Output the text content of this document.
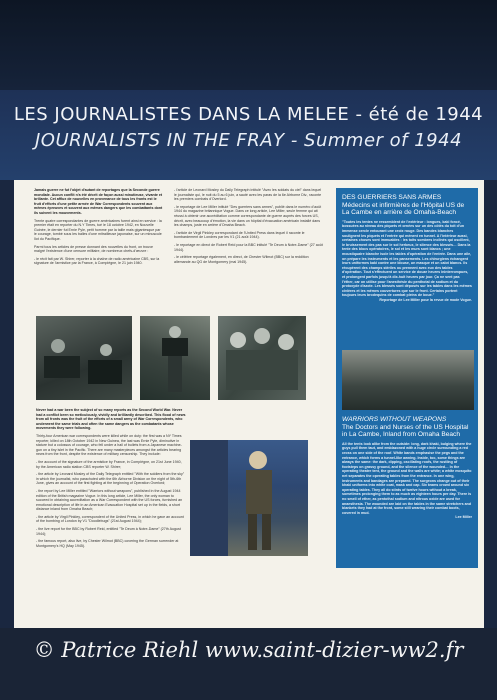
LES JOURNALISTES DANS LA MELEE - été de 1944
JOURNALISTS IN THE FRAY - Summer of 1944

Jamais guerre ne fut l'objet d'autant de reportages que la Seconde guerre mondiale. Aucun conflit n'a été décrit de façon aussi minutieuse, vivante et brillante. Cet afflux de nouvelles en provenance de tous les fronts est le fruit d'efforts d'une petite armée de War Correspondents souvent aux mêmes épreuves et souvent aux mêmes dangers que les combattants dont ils suivent les mouvements.

Trente quatre correspondantes de guerre américaines furent ainsi en service : la premier était en reporter du N.Y Times, tué le 18 octobre 1942, en Nouvelle Guinée, le dernier fut Ernie Pyle, petit homme par la taille mais gigantesque par le courage, tombé sous les balles d'une mitrailleuse japonaise, sur un minuscule îlot du Pacifique.

Parmi tous les articles de presse donnant des nouvelles du front, on trouve malgré l'existence d'une censure militaire, de nombreux chefs-d'œuvre :

- le récit fait par W. Shirer, reporter à la chaîne de radio américaine CBS, sur la signature de l'armistice par la France, à Compiègne, le 21 juin 1940.

- l'article de Leonard Mosley du Daily Telegraph intitulé "Avec les soldats du ciel" dans lequel le journaliste qui, le nuit du 5 au 6 juin, a sauté avec les paras de la 6e Airborne Div., raconte les premiers combats d'Overlord.

- le reportage de Lee Miller intitulé "Des guerriers sans armes", publié dans le numéro d'août 1944 du magazine britannique Vogue. Dans ce long article, Lee Miller, seule femme qui ait réussi à obtenir une accréditation comme correspondante de guerre auprès des forces US, décrit, avec beaucoup d'émotion, la vie dans un hôpital d'évacuation américain installé dans les champs, juste en arrière d'Omaha Beach.

- l'article de Virgil Pinkley correspondant de l'United Press dans lequel il raconte le bombardement de Londres par les V1 (21 août 1944).

- le reportage en direct de Robert Reid pour la BBC intitulé "Te Deum à Notre-Dame" (27 août 1944).

- le célèbre reportage également, en direct, de Chester Wilmot (BBC) sur la reddition allemande au QG de Montgomery (mai 1945).

Never had a war been the subject of so many reports as the Second World War. Never had a conflict been so meticulously, vividly and brilliantly described. This flood of news from all fronts was the fruit of the efforts of a small army of War Correspondents, who underwent the same trials and often the same dangers as the combatants whose movements they were following.

Thirty-four American war correspondents were killed while on duty: the first was a NY Times reporter, killed on 18th October 1942 in New Guinea, the last was Ernie Pyle, diminutive in stature but a colossus of courage, who fell under a hail of bullets from a Japanese machine-gun on a tiny islet in the Pacific. There are many masterpieces amongst the articles bearing news from the front, despite the existence of military censorship. They include:

- the account of the signature of the armistice by France, in Compiègne, on 21st June 1940, by the American radio station CBS reporter W. Shirer;

- the article by Leonard Mosley of the Daily Telegraph entitled "With the soldiers from the sky" in which the journalist, who parachuted with the 6th Airborne Division on the night of 5th-6th June, gives an account of the first fighting at the beginning of Operation Overlord;

- the report by Lee Miller entitled "Warriors without weapons", published in the August 1944 edition of the British magazine Vogue. In this long article, Lee Miller, the only woman to succeed in obtaining accreditation as a War Correspondent with the US forces, furnished an emotional description of life in an American Evacuation Hospital set up in the fields, a short distance inland from Omaha Beach;

- the article by Virgil Pinkley, correspondent of the United Press, in which he gave an account of the bombing of London by V1 "Doodlebugs" (21st August 1944);

- the live report for the BBC by Robert Reid, entitled "Te Deum à Notre-Dame" (27th August 1944);

- the famous report, also live, by Chester Wilmot (BBC) covering the German surrender at Montgomery's HQ (May 1945).

DES GUERRIERS SANS ARMES
Médecins et infirmières de l'Hôpital US de La Cambe en arrière de Omaha-Beach
"Toutes les tentes ne ressemblent de l'extérieur : longues, kaki foncé, bossuées au niveau des piquets et ornées sur un des côtés du toit d'un immense cercle entourant une croix rouge. Des bandes blanches soulignent les piquets et l'entrée qui mènent en tunnel. A l'intérieur aussi, certaines choses sont immuables : les toits sombres inclinés qui oscillent, le bruissement des pas sur le sol herbeux, le silence des blessés… Dans la tente des blocs opératoires, le sol et les murs sont blancs ; une moustiquaire blanche isole les tables d'opération de l'entrée. Dans une aile, on prépare les instruments et les pansements. Les chirurgiens échangent leurs uniformes kaki contre une blouse, un masque et un calot blancs. Ils récupèrent des champs stériles ou prennent avec eux des tables d'opération. Tout s'effectuent un service de douze heures ininterrompues, et prolongent parfois jusqu'à dix-huit heures par jour. Ça ne sent pas l'éther, car on utilise pour l'anesthésie du penthotal de sodium et du protoxyde d'azote. Les blessés sont déposés sur les tables dans les mêmes civières et les mêmes couvertures que sur le front. Certains portent toujours leurs brodequins de combat pleins de boue."
Reportage de Lee Miller pour la revue de mode Vogue.
WARRIORS WITHOUT WEAPONS
The Doctors and Nurses of the US Hospital in La Cambe, Inland from Omaha Beach
All the tents look alike from the outside: long, dark khaki, bulging where the guys pull them taut, and emblazoned with a huge circle surrounding a red cross on one side of the roof. White bands emphasise the pegs and the entrance, which forms a tunnel-like awning. Inside, too, some things are always the same: the dark, dipping, oscillating roofs, the rustling of footsteps on grassy ground, and the silence of the wounded… In the operating theatre tent, the ground and the walls are white; a white mosquito net separates the operating tables from the entrance. In one wing, instruments and bandages are prepared. The surgeons change out of their khaki uniforms into white coat, mask and cap. Six teams crowd around six operating tables. They all do stints of twelve hours without a break, sometimes prolonging them to as much as eighteen hours per day. There is no smell of ether, as pentothal sodium and nitrous oxide are used for anaesthesia. The wounded are laid on the tables in the same stretchers and blankets they had at the front, some still wearing their combat boots, covered in mud.
Lee Miller
© Patrice Riehl www.saint-dizier-ww2.fr
